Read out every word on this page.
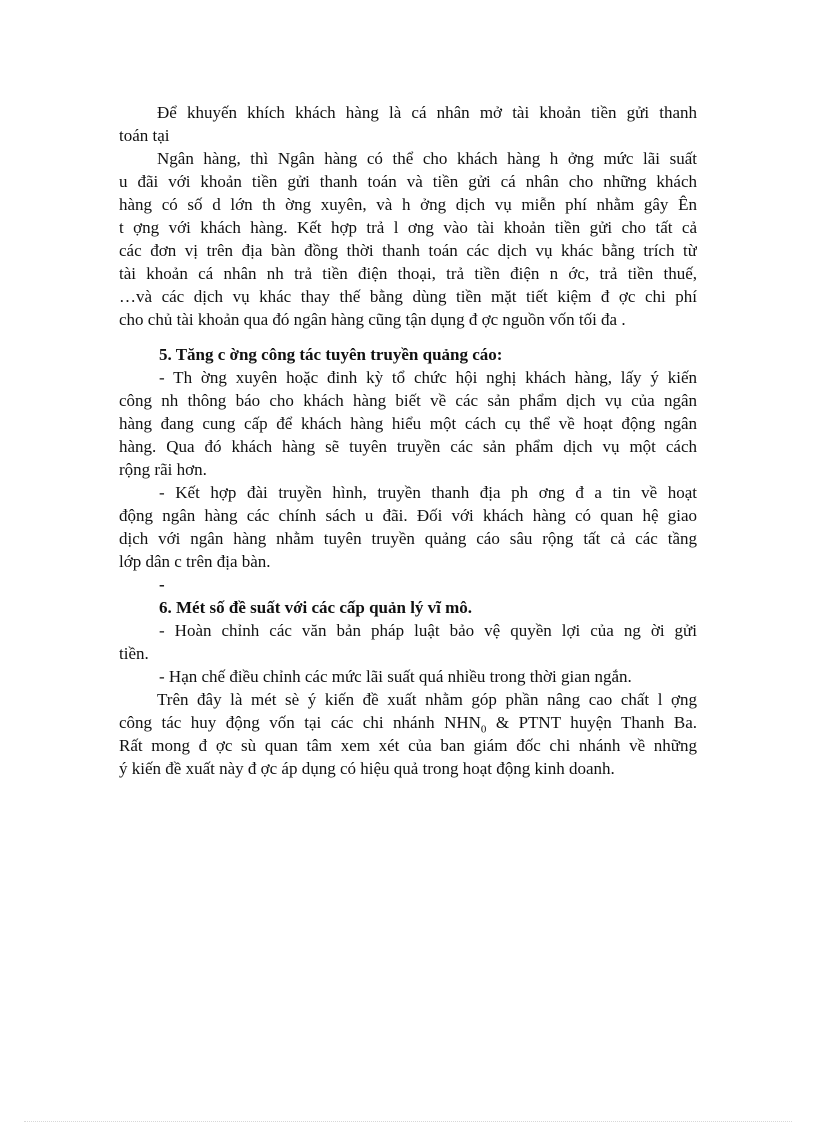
Để khuyến khích khách hàng là cá nhân mở tài khoản tiền gửi thanh
toán tại
Ngân hàng, thì Ngân hàng có thể cho khách hàng h ởng mức lãi suất
u đãi với khoản tiền gửi thanh toán và tiền gửi cá nhân cho những khách
hàng có số d lớn th ờng xuyên, và h ởng dịch vụ miễn phí nhằm gây Ên
t ợng với khách hàng. Kết hợp trả l ơng vào tài khoản tiền gửi cho tất cả
các đơn vị trên địa bàn đồng thời thanh toán các dịch vụ khác bằng trích từ
tài khoản cá nhân nh trả tiền điện thoại, trả tiền điện n ớc, trả tiền thuế,
…và các dịch vụ khác thay thế bằng dùng tiền mặt tiết kiệm đ ợc chi phí
cho chủ tài khoản qua đó ngân hàng cũng tận dụng đ ợc nguồn vốn tối đa .
5. Tăng c ờng công tác tuyên truyền quảng cáo:
- Th ờng xuyên hoặc đinh kỳ tổ chức hội nghị khách hàng, lấy ý kiến
công nh thông báo cho khách hàng biết về các sản phẩm dịch vụ của ngân
hàng đang cung cấp để khách hàng hiểu một cách cụ thể về hoạt động ngân
hàng. Qua đó khách hàng sẽ tuyên truyền các sản phẩm dịch vụ một cách
rộng rãi hơn.
- Kết hợp đài truyền hình, truyền thanh địa ph ơng đ a tin về hoạt
động ngân hàng các chính sách u đãi. Đối với khách hàng có quan hệ giao
dịch với ngân hàng nhằm tuyên truyền quảng cáo sâu rộng tất cả các tầng
lớp dân c trên địa bàn.
-
6. Mét số đề suất với các cấp quản lý vĩ mô.
- Hoàn chỉnh các văn bản pháp luật bảo vệ quyền lợi của ng ời gửi
tiền.
- Hạn chế điều chỉnh các mức lãi suất quá nhiều trong thời gian ngắn.
Trên đây là mét sè ý kiến đề xuất nhằm góp phần nâng cao chất l ợng
công tác huy động vốn tại các chi nhánh $NHN_0$ & PTNT huyện Thanh Ba.
Rất mong đ ợc sù quan tâm xem xét của ban giám đốc chi nhánh về những
ý kiến đề xuất này đ ợc áp dụng có hiệu quả trong hoạt động kinh doanh.
